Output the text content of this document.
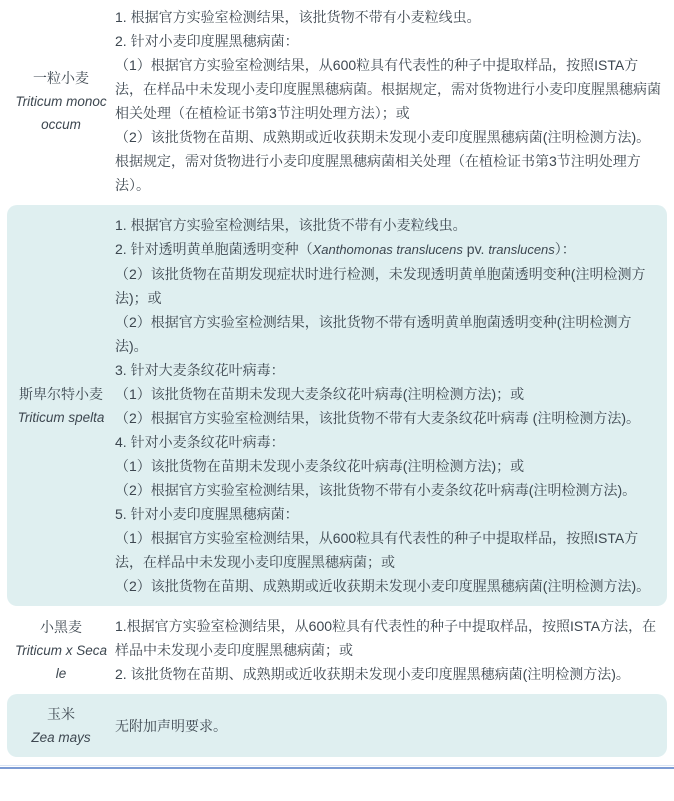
一粒小麦
Triticum monococcum

1. 根据官方实验室检测结果，该批货物不带有小麦粒线虫。

2. 针对小麦印度腥黑穗病菌：

（1）根据官方实验室检测结果，从600粒具有代表性的种子中提取样品，按照ISTA方法，在样品中未发现小麦印度腥黑穗病菌。根据规定，需对货物进行小麦印度腥黑穗病菌相关处理（在植检证书第3节注明处理方法）；或

（2）该批货物在苗期、成熟期或近收获期未发现小麦印度腥黑穗病菌(注明检测方法)。根据规定，需对货物进行小麦印度腥黑穗病菌相关处理（在植检证书第3节注明处理方法）。

斯卑尔特小麦
Triticum spelta

1. 根据官方实验室检测结果，该批货不带有小麦粒线虫。

2. 针对透明黄单胞菌透明变种（Xanthomonas translucens pv. translucens）：

（2）该批货物在苗期发现症状时进行检测，未发现透明黄单胞菌透明变种(注明检测方法)；或

（2）根据官方实验室检测结果，该批货物不带有透明黄单胞菌透明变种(注明检测方法)。

3. 针对大麦条纹花叶病毒：

（1）该批货物在苗期未发现大麦条纹花叶病毒(注明检测方法)；或

（2）根据官方实验室检测结果，该批货物不带有大麦条纹花叶病毒 (注明检测方法)。

4. 针对小麦条纹花叶病毒：

（1）该批货物在苗期未发现小麦条纹花叶病毒(注明检测方法)；或

（2）根据官方实验室检测结果，该批货物不带有小麦条纹花叶病毒(注明检测方法)。

5. 针对小麦印度腥黑穗病菌：

（1）根据官方实验室检测结果，从600粒具有代表性的种子中提取样品，按照ISTA方法，在样品中未发现小麦印度腥黑穗病菌；或

（2）该批货物在苗期、成熟期或近收获期未发现小麦印度腥黑穗病菌(注明检测方法)。

小黑麦
Triticum x Secale

1.根据官方实验室检测结果，从600粒具有代表性的种子中提取样品，按照ISTA方法，在样品中未发现小麦印度腥黑穗病菌；或

2. 该批货物在苗期、成熟期或近收获期未发现小麦印度腥黑穗病菌(注明检测方法)。

玉米
Zea mays

无附加声明要求。
